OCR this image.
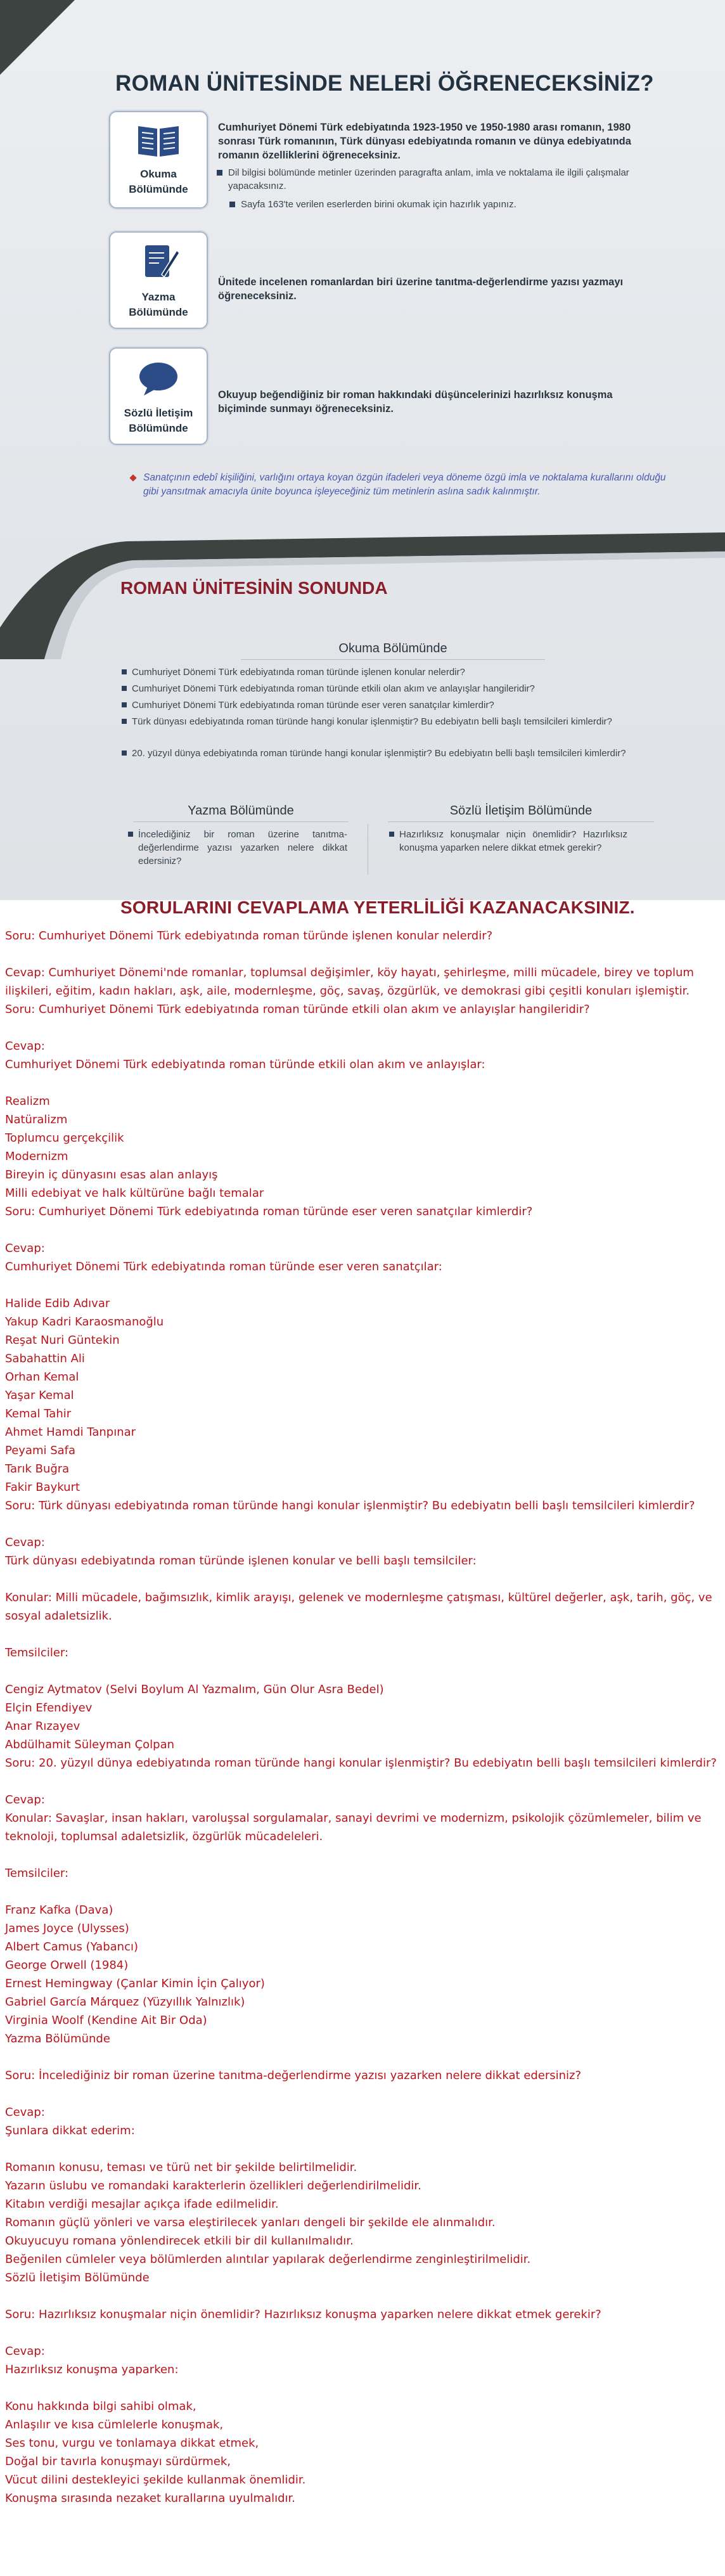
ROMAN ÜNİTESİNDE NELERİ ÖĞRENECEKSİNİZ?
Okuma
Bölümünde
Cumhuriyet Dönemi Türk edebiyatında 1923-1950 ve 1950-1980 arası romanın, 1980 sonrası Türk romanının, Türk dünyası edebiyatında romanın ve dünya edebiyatında romanın özelliklerini öğreneceksiniz.
Dil bilgisi bölümünde metinler üzerinden paragrafta anlam, imla ve noktalama ile ilgili çalışmalar yapacaksınız.
Sayfa 163'te verilen eserlerden birini okumak için hazırlık yapınız.
Yazma
Bölümünde
Ünitede incelenen romanlardan biri üzerine tanıtma-değerlendirme yazısı yazmayı öğreneceksiniz.
Sözlü İletişim
Bölümünde
Okuyup beğendiğiniz bir roman hakkındaki düşüncelerinizi hazırlıksız konuşma biçiminde sunmayı öğreneceksiniz.
Sanatçının edebî kişiliğini, varlığını ortaya koyan özgün ifadeleri veya döneme özgü imla ve noktalama kurallarını olduğu gibi yansıtmak amacıyla ünite boyunca işleyeceğiniz tüm metinlerin aslına sadık kalınmıştır.
ROMAN ÜNİTESİNİN SONUNDA
Okuma Bölümünde
Cumhuriyet Dönemi Türk edebiyatında roman türünde işlenen konular nelerdir?
Cumhuriyet Dönemi Türk edebiyatında roman türünde etkili olan akım ve anlayışlar hangileridir?
Cumhuriyet Dönemi Türk edebiyatında roman türünde eser veren sanatçılar kimlerdir?
Türk dünyası edebiyatında roman türünde hangi konular işlenmiştir? Bu edebiyatın belli başlı temsilcileri kimlerdir?
20. yüzyıl dünya edebiyatında roman türünde hangi konular işlenmiştir? Bu edebiyatın belli başlı temsilcileri kimlerdir?
Yazma Bölümünde
İncelediğiniz bir roman üzerine tanıtma-değerlendirme yazısı yazarken nelere dikkat edersiniz?
Sözlü İletişim Bölümünde
Hazırlıksız konuşmalar niçin önemlidir? Hazırlıksız konuşma yaparken nelere dikkat etmek gerekir?
SORULARINI CEVAPLAMA YETERLİLİĞİ KAZANACAKSINIZ.
Soru: Cumhuriyet Dönemi Türk edebiyatında roman türünde işlenen konular nelerdir?
Cevap: Cumhuriyet Dönemi'nde romanlar, toplumsal değişimler, köy hayatı, şehirleşme, milli mücadele, birey ve toplum ilişkileri, eğitim, kadın hakları, aşk, aile, modernleşme, göç, savaş, özgürlük, ve demokrasi gibi çeşitli konuları işlemiştir.
Soru: Cumhuriyet Dönemi Türk edebiyatında roman türünde etkili olan akım ve anlayışlar hangileridir?
Cevap:
Cumhuriyet Dönemi Türk edebiyatında roman türünde etkili olan akım ve anlayışlar:
Realizm
Natüralizm
Toplumcu gerçekçilik
Modernizm
Bireyin iç dünyasını esas alan anlayış
Milli edebiyat ve halk kültürüne bağlı temalar
Soru: Cumhuriyet Dönemi Türk edebiyatında roman türünde eser veren sanatçılar kimlerdir?
Cevap:
Cumhuriyet Dönemi Türk edebiyatında roman türünde eser veren sanatçılar:
Halide Edib Adıvar
Yakup Kadri Karaosmanoğlu
Reşat Nuri Güntekin
Sabahattin Ali
Orhan Kemal
Yaşar Kemal
Kemal Tahir
Ahmet Hamdi Tanpınar
Peyami Safa
Tarık Buğra
Fakir Baykurt
Soru: Türk dünyası edebiyatında roman türünde hangi konular işlenmiştir? Bu edebiyatın belli başlı temsilcileri kimlerdir?
Cevap:
Türk dünyası edebiyatında roman türünde işlenen konular ve belli başlı temsilciler:
Konular: Milli mücadele, bağımsızlık, kimlik arayışı, gelenek ve modernleşme çatışması, kültürel değerler, aşk, tarih, göç, ve sosyal adaletsizlik.
Temsilciler:
Cengiz Aytmatov (Selvi Boylum Al Yazmalım, Gün Olur Asra Bedel)
Elçin Efendiyev
Anar Rızayev
Abdülhamit Süleyman Çolpan
Soru: 20. yüzyıl dünya edebiyatında roman türünde hangi konular işlenmiştir? Bu edebiyatın belli başlı temsilcileri kimlerdir?
Cevap:
Konular: Savaşlar, insan hakları, varoluşsal sorgulamalar, sanayi devrimi ve modernizm, psikolojik çözümlemeler, bilim ve teknoloji, toplumsal adaletsizlik, özgürlük mücadeleleri.
Temsilciler:
Franz Kafka (Dava)
James Joyce (Ulysses)
Albert Camus (Yabancı)
George Orwell (1984)
Ernest Hemingway (Çanlar Kimin İçin Çalıyor)
Gabriel García Márquez (Yüzyıllık Yalnızlık)
Virginia Woolf (Kendine Ait Bir Oda)
Yazma Bölümünde
Soru: İncelediğiniz bir roman üzerine tanıtma-değerlendirme yazısı yazarken nelere dikkat edersiniz?
Cevap:
Şunlara dikkat ederim:
Romanın konusu, teması ve türü net bir şekilde belirtilmelidir.
Yazarın üslubu ve romandaki karakterlerin özellikleri değerlendirilmelidir.
Kitabın verdiği mesajlar açıkça ifade edilmelidir.
Romanın güçlü yönleri ve varsa eleştirilecek yanları dengeli bir şekilde ele alınmalıdır.
Okuyucuyu romana yönlendirecek etkili bir dil kullanılmalıdır.
Beğenilen cümleler veya bölümlerden alıntılar yapılarak değerlendirme zenginleştirilmelidir.
Sözlü İletişim Bölümünde
Soru: Hazırlıksız konuşmalar niçin önemlidir? Hazırlıksız konuşma yaparken nelere dikkat etmek gerekir?
Cevap:
Hazırlıksız konuşma yaparken:
Konu hakkında bilgi sahibi olmak,
Anlaşılır ve kısa cümlelerle konuşmak,
Ses tonu, vurgu ve tonlamaya dikkat etmek,
Doğal bir tavırla konuşmayı sürdürmek,
Vücut dilini destekleyici şekilde kullanmak önemlidir.
Konuşma sırasında nezaket kurallarına uyulmalıdır.
